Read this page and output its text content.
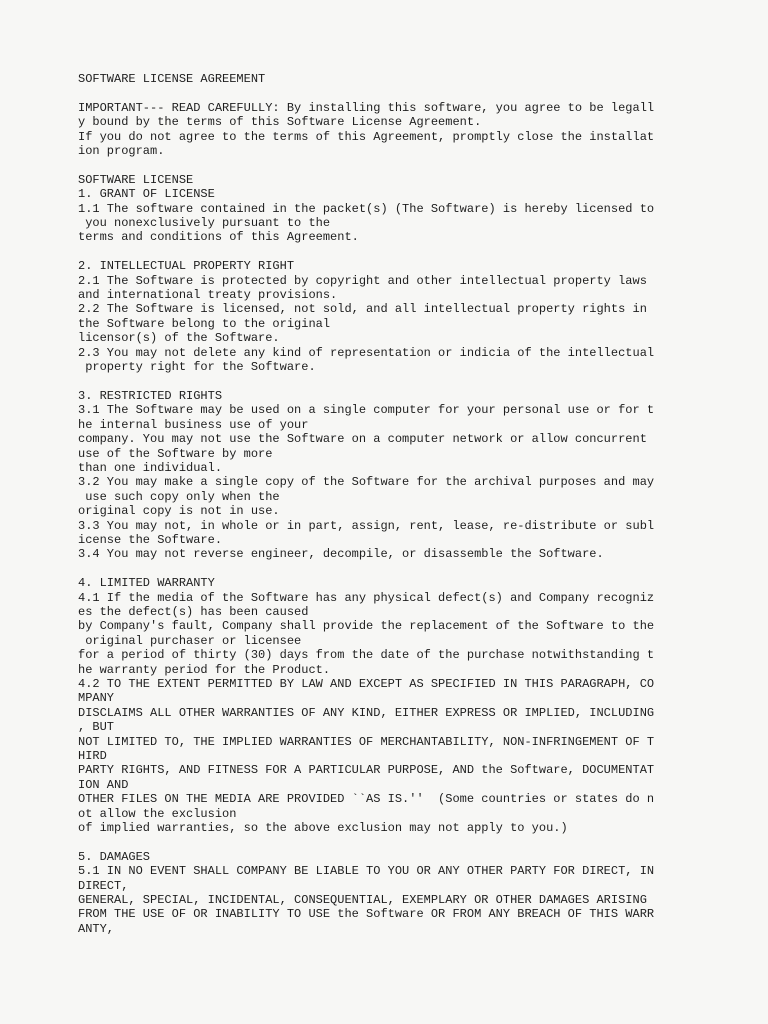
SOFTWARE LICENSE AGREEMENT
IMPORTANT--- READ CAREFULLY: By installing this software, you agree to be legall
y bound by the terms of this Software License Agreement.
If you do not agree to the terms of this Agreement, promptly close the installat
ion program.
SOFTWARE LICENSE
1. GRANT OF LICENSE
1.1 The software contained in the packet(s) (The Software) is hereby licensed to
you nonexclusively pursuant to the
terms and conditions of this Agreement.
2. INTELLECTUAL PROPERTY RIGHT
2.1 The Software is protected by copyright and other intellectual property laws
and international treaty provisions.
2.2 The Software is licensed, not sold, and all intellectual property rights in
the Software belong to the original
licensor(s) of the Software.
2.3 You may not delete any kind of representation or indicia of the intellectual
property right for the Software.
3. RESTRICTED RIGHTS
3.1 The Software may be used on a single computer for your personal use or for t
he internal business use of your
company. You may not use the Software on a computer network or allow concurrent
use of the Software by more
than one individual.
3.2 You may make a single copy of the Software for the archival purposes and may
use such copy only when the
original copy is not in use.
3.3 You may not, in whole or in part, assign, rent, lease, re-distribute or subl
icense the Software.
3.4 You may not reverse engineer, decompile, or disassemble the Software.
4. LIMITED WARRANTY
4.1 If the media of the Software has any physical defect(s) and Company recogniz
es the defect(s) has been caused
by Company's fault, Company shall provide the replacement of the Software to the
original purchaser or licensee
for a period of thirty (30) days from the date of the purchase notwithstanding t
he warranty period for the Product.
4.2 TO THE EXTENT PERMITTED BY LAW AND EXCEPT AS SPECIFIED IN THIS PARAGRAPH, CO
MPANY
DISCLAIMS ALL OTHER WARRANTIES OF ANY KIND, EITHER EXPRESS OR IMPLIED, INCLUDING
, BUT
NOT LIMITED TO, THE IMPLIED WARRANTIES OF MERCHANTABILITY, NON-INFRINGEMENT OF T
HIRD
PARTY RIGHTS, AND FITNESS FOR A PARTICULAR PURPOSE, AND the Software, DOCUMENTAT
ION AND
OTHER FILES ON THE MEDIA ARE PROVIDED ``AS IS.''  (Some countries or states do n
ot allow the exclusion
of implied warranties, so the above exclusion may not apply to you.)
5. DAMAGES
5.1 IN NO EVENT SHALL COMPANY BE LIABLE TO YOU OR ANY OTHER PARTY FOR DIRECT, IN
DIRECT,
GENERAL, SPECIAL, INCIDENTAL, CONSEQUENTIAL, EXEMPLARY OR OTHER DAMAGES ARISING
FROM THE USE OF OR INABILITY TO USE the Software OR FROM ANY BREACH OF THIS WARR
ANTY,
